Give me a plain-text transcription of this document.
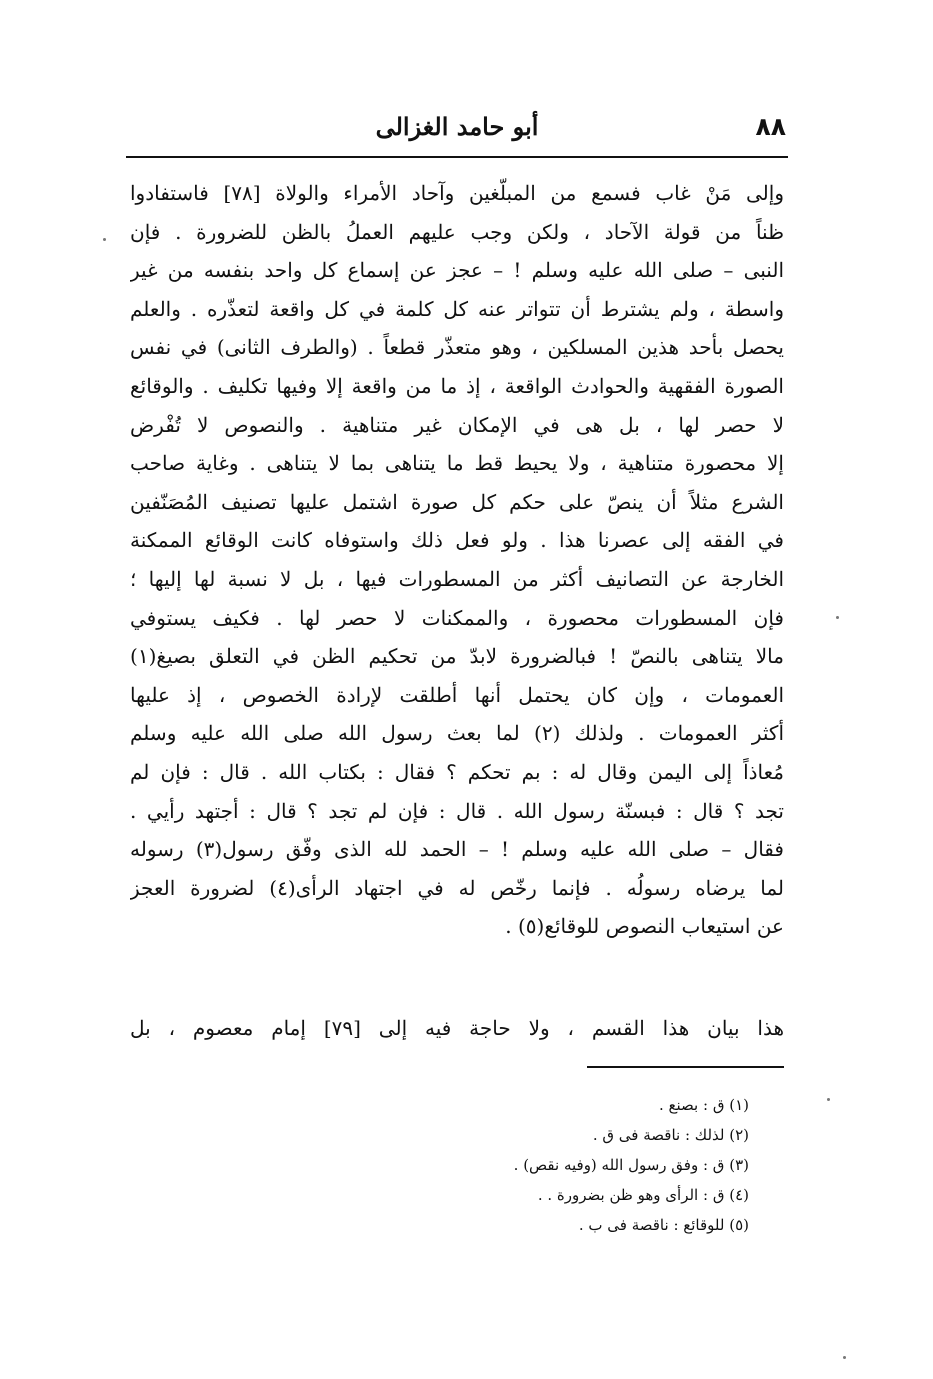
٨٨
أبو حامد الغزالى
وإلى مَنْ غاب فسمع من المبلّغين وآحاد الأمراء والولاة [٧٨] فاستفادوا
ظناً من قولة الآحاد ، ولكن وجب عليهم العملُ بالظن للضرورة . فإن
النبى – صلى الله عليه وسلم ! – عجز عن إسماع كل واحد بنفسه من غير
واسطة ، ولم يشترط أن تتواتر عنه كل كلمة في كل واقعة لتعذّره . والعلم
يحصل بأحد هذين المسلكين ، وهو متعذّر قطعاً . (والطرف الثانى) في نفس
الصورة الفقهية والحوادث الواقعة ، إذ ما من واقعة إلا وفيها تكليف . والوقائع
لا حصر لها ، بل هى في الإمكان غير متناهية . والنصوص لا تُفْرض
إلا محصورة متناهية ، ولا يحيط قط ما يتناهى بما لا يتناهى . وغاية صاحب
الشرع مثلاً أن ينصّ على حكم كل صورة اشتمل عليها تصنيف المُصَنّفين
في الفقه إلى عصرنا هذا . ولو فعل ذلك واستوفاه كانت الوقائع الممكنة
الخارجة عن التصانيف أكثر من المسطورات فيها ، بل لا نسبة لها إليها ؛
فإن المسطورات محصورة ، والممكنات لا حصر لها . فكيف يستوفي
مالا يتناهى بالنصّ ! فبالضرورة لابدّ من تحكيم الظن في التعلق بصيغ(١)
العمومات ، وإن كان يحتمل أنها أطلقت لإرادة الخصوص ، إذ عليها
أكثر العمومات . ولذلك (٢) لما بعث رسول الله صلى الله عليه وسلم
مُعاذاً إلى اليمن وقال له : بم تحكم ؟ فقال : بكتاب الله . قال : فإن لم
تجد ؟ قال : فبسنّة رسول الله . قال : فإن لم تجد ؟ قال : أجتهد رأيي .
فقال – صلى الله عليه وسلم ! – الحمد لله الذى وفّق رسول(٣) رسوله
لما يرضاه رسولُه . فإنما رخّص له في اجتهاد الرأى(٤) لضرورة العجز
عن استيعاب النصوص للوقائع(٥) .
هذا بيان هذا القسم ، ولا حاجة فيه إلى [٧٩] إمام معصوم ، بل
(١) ق : بصنع .
(٢) لذلك : ناقصة فى ق .
(٣) ق : وفق رسول الله (وفيه نقص) .
(٤) ق : الرأى وهو ظن بضرورة . .
(٥) للوقائع : ناقصة فى ب .
